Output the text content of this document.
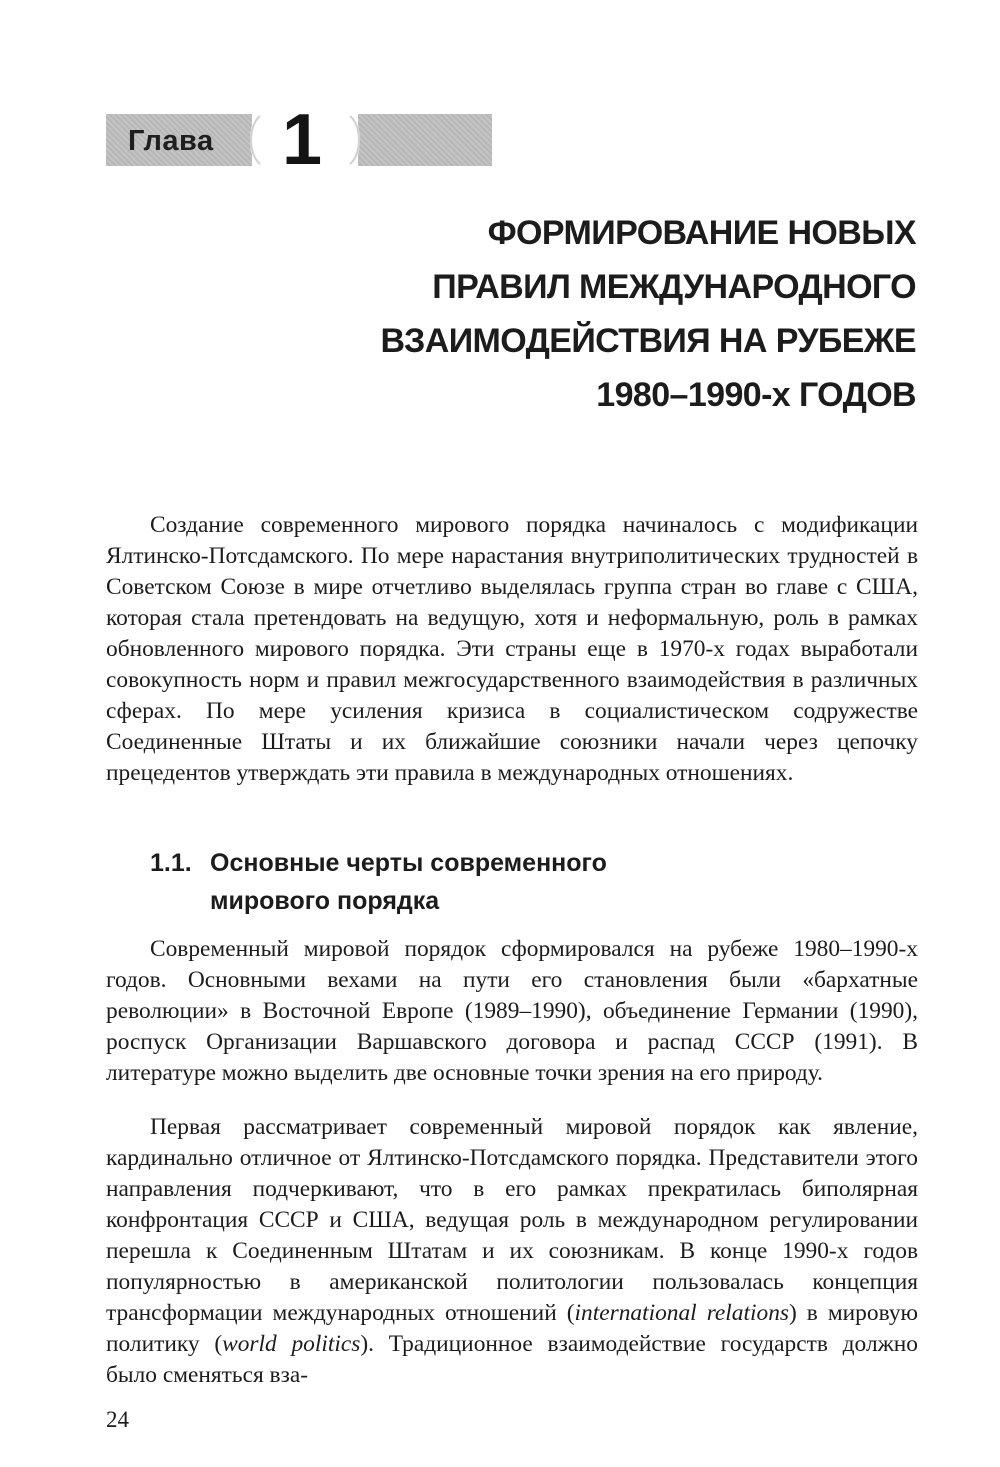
Глава 1
ФОРМИРОВАНИЕ НОВЫХ
ПРАВИЛ МЕЖДУНАРОДНОГО
ВЗАИМОДЕЙСТВИЯ НА РУБЕЖЕ
1980–1990-х ГОДОВ

Создание современного мирового порядка начиналось с модификации Ялтинско-Потсдамского. По мере нарастания внутриполитических трудностей в Советском Союзе в мире отчетливо выделялась группа стран во главе с США, которая стала претендовать на ведущую, хотя и неформальную, роль в рамках обновленного мирового порядка. Эти страны еще в 1970-х годах выработали совокупность норм и правил межгосударственного взаимодействия в различных сферах. По мере усиления кризиса в социалистическом содружестве Соединенные Штаты и их ближайшие союзники начали через цепочку прецедентов утверждать эти правила в международных отношениях.

1.1. Основные черты современного
мирового порядка

Современный мировой порядок сформировался на рубеже 1980–1990-х годов. Основными вехами на пути его становления были «бархатные революции» в Восточной Европе (1989–1990), объединение Германии (1990), роспуск Организации Варшавского договора и распад СССР (1991). В литературе можно выделить две основные точки зрения на его природу.

Первая рассматривает современный мировой порядок как явление, кардинально отличное от Ялтинско-Потсдамского порядка. Представители этого направления подчеркивают, что в его рамках прекратилась биполярная конфронтация СССР и США, ведущая роль в международном регулировании перешла к Соединенным Штатам и их союзникам. В конце 1990-х годов популярностью в американской политологии пользовалась концепция трансформации международных отношений (international relations) в мировую политику (world politics). Традиционное взаимодействие государств должно было сменяться вза-

24
